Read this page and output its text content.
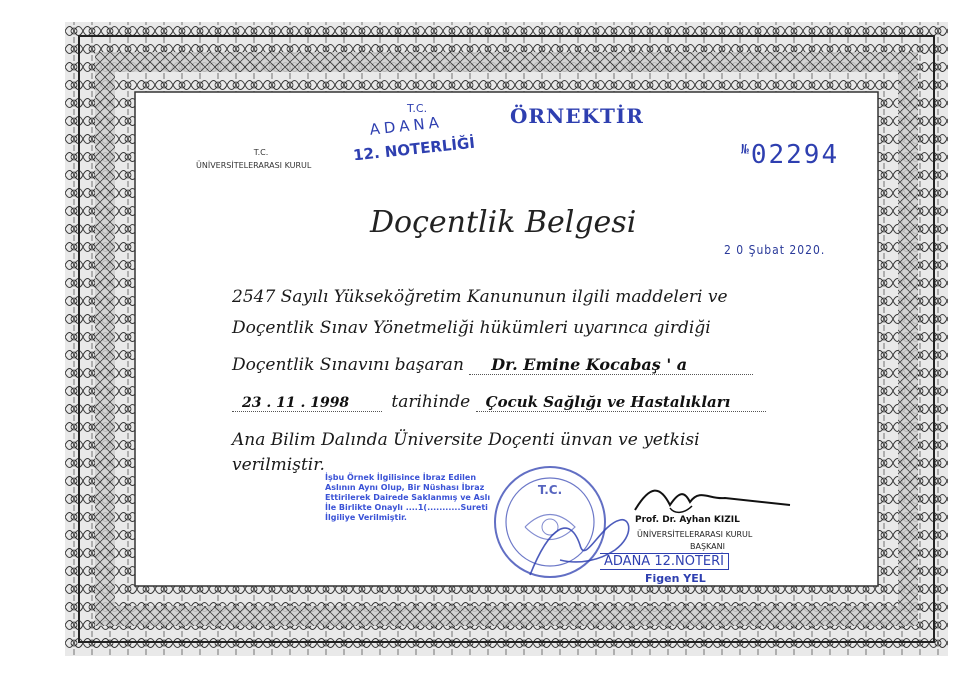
T.C.
ÜNİVERSİTELERARASI KURUL
T.C.
ADANA
12. NOTERLİĞİ
ÖRNEKTİR
№02294
Doçentlik Belgesi
2 0 Şubat 2020.
2547 Sayılı Yükseköğretim Kanununun ilgili maddeleri ve
Doçentlik Sınav Yönetmeliği hükümleri uyarınca girdiği
Doçentlik Sınavını başaran Dr. Emine Kocabaş ' a
23 . 11 . 1998 tarihinde Çocuk Sağlığı ve Hastalıkları
Ana Bilim Dalında Üniversite Doçenti ünvan ve yetkisi
verilmiştir.
İşbu Örnek İlgilisince İbraz Edilen
Aslının Aynı Olup, Bir Nüshası İbraz
Ettirilerek Dairede Saklanmış ve Aslı
İle Birlikte Onaylı ....1(...........Sureti
İlgiliye Verilmiştir.
T.C.
Prof. Dr. Ayhan KIZIL
ÜNİVERSİTELERARASI KURUL
BAŞKANI
ADANA 12.NOTERİ
Figen YEL
